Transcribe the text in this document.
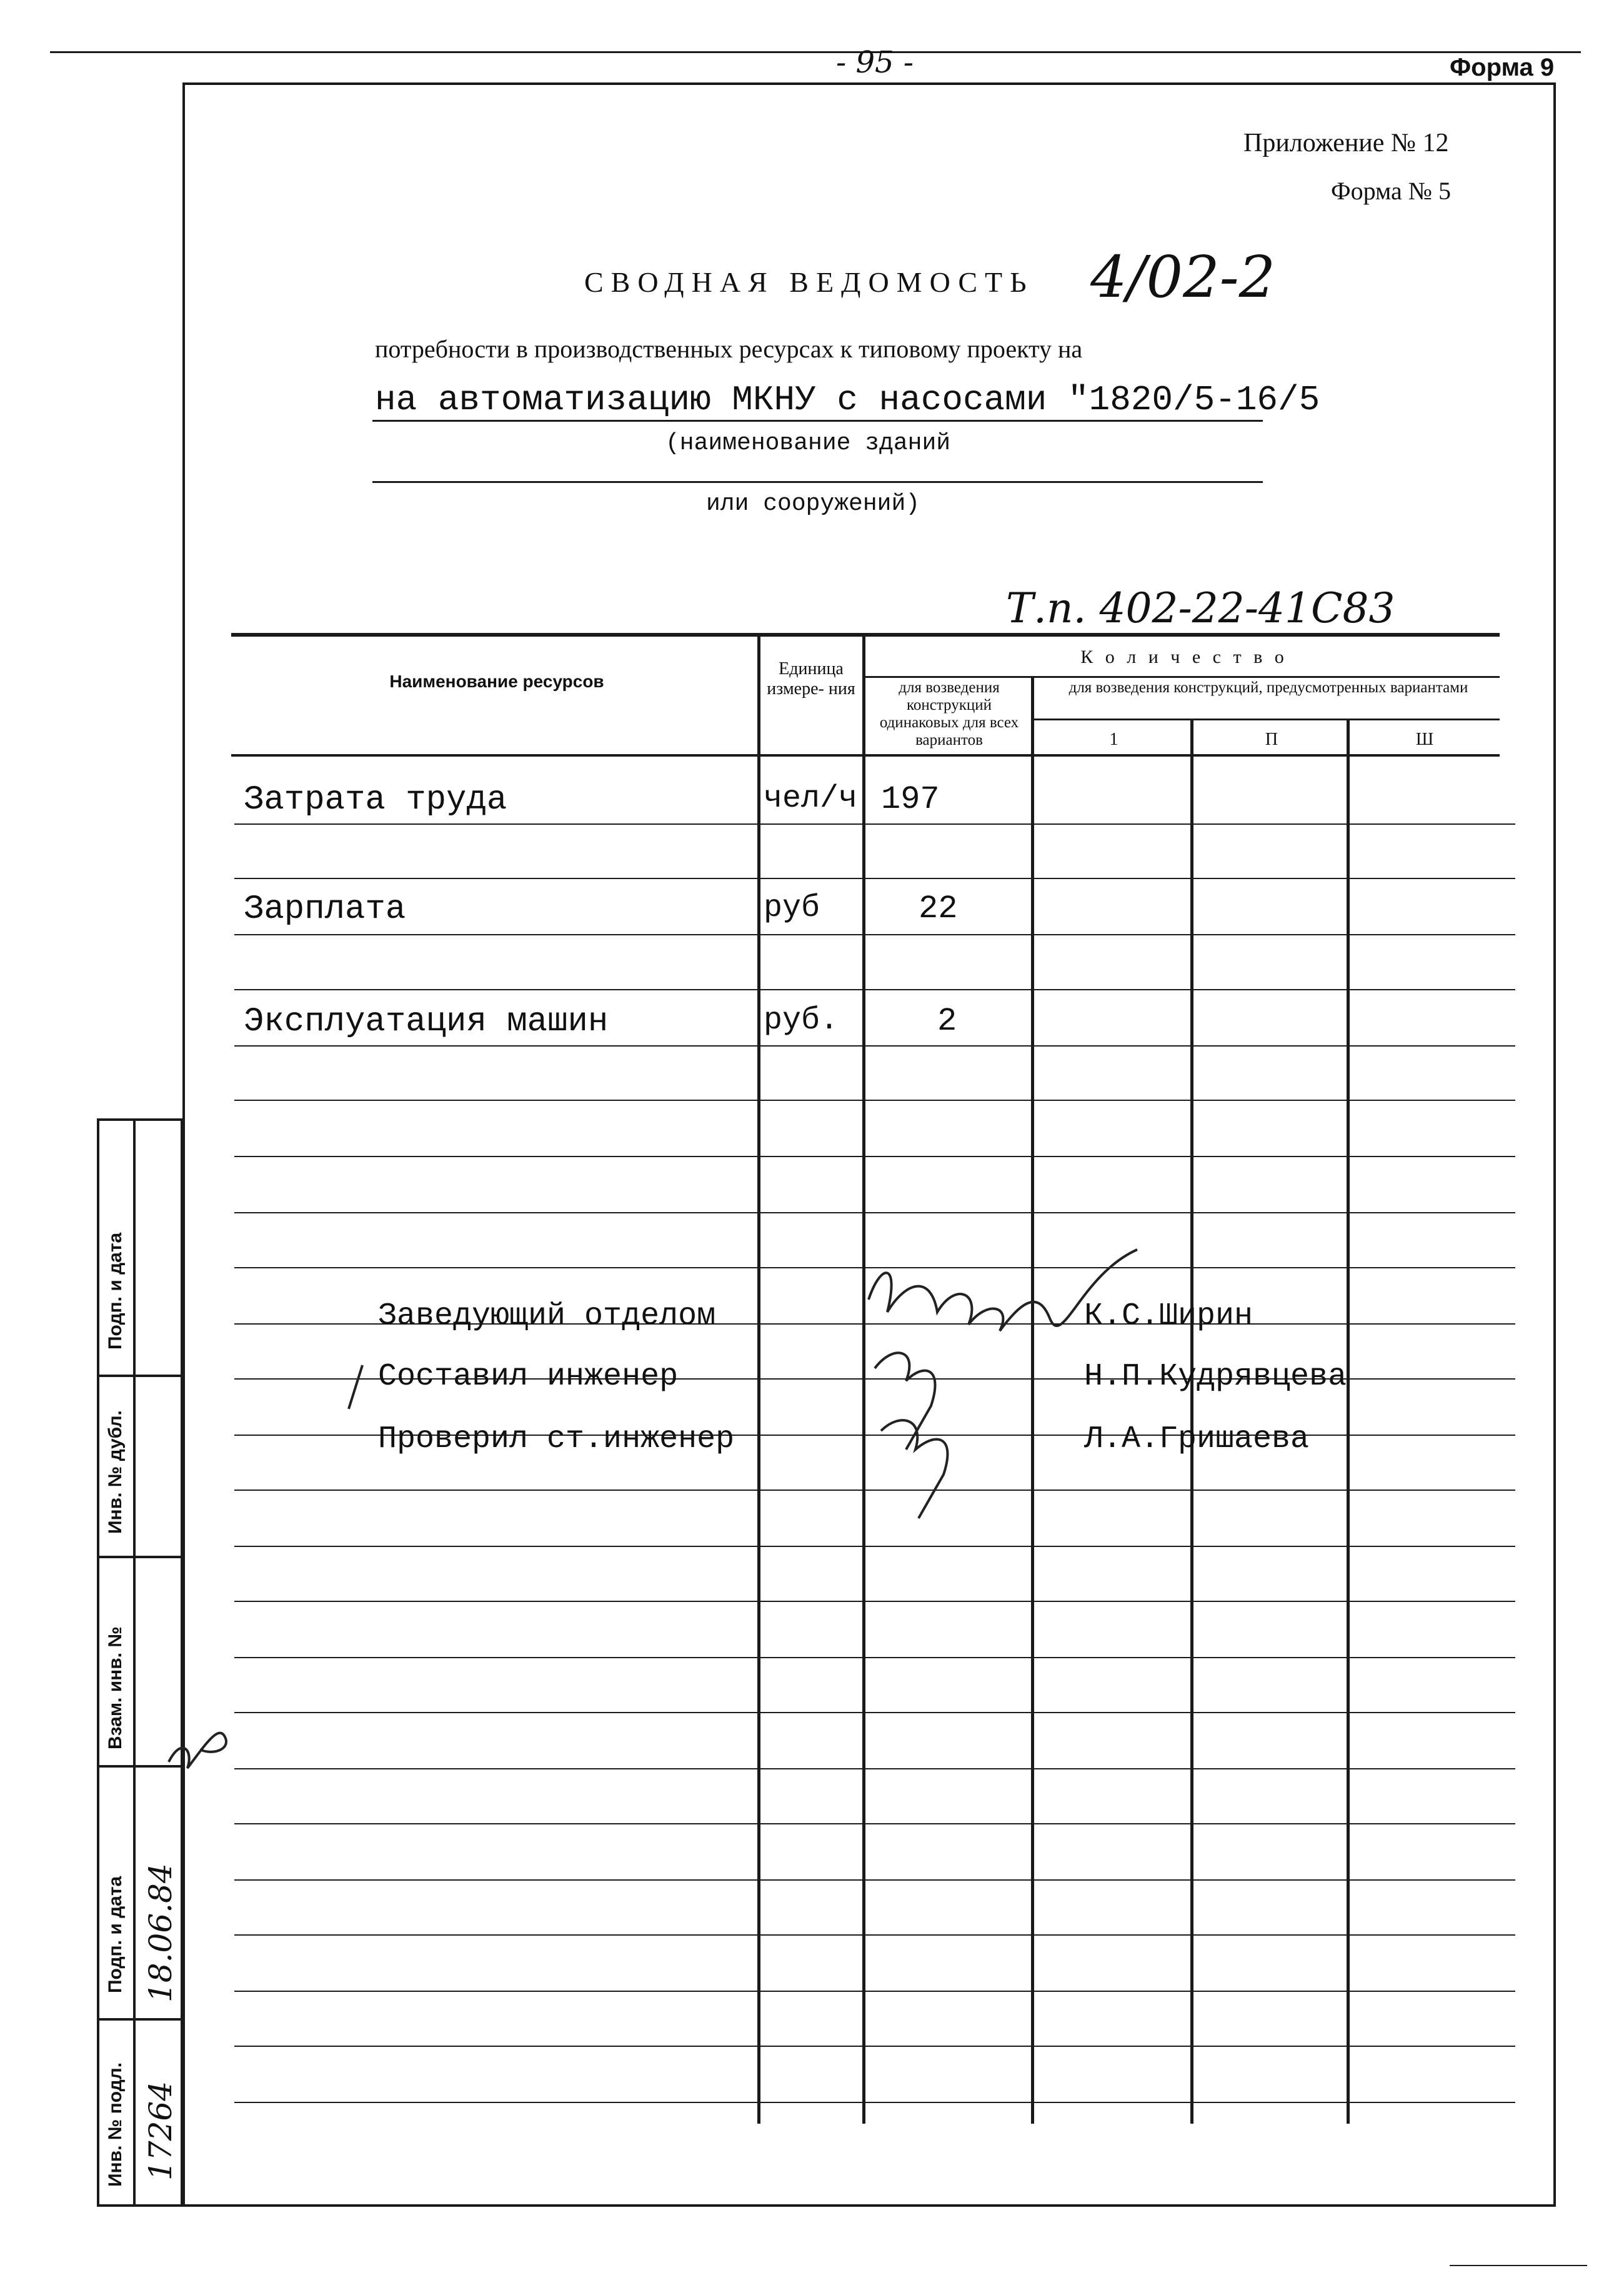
- 95 -	Форма 9
Приложение № 12
Форма № 5
СВОДНАЯ ВЕДОМОСТЬ 4/02-2
потребности в производственных ресурсах к типовому проекту на
на автоматизацию МКНУ с насосами "1820/5-16/5
(наименование зданий
или сооружений)
Т.п. 402-22-41С83
Наименование ресурсов
Единица измере- ния
К о л и ч е с т в о
для возведения конструкций одинаковых для всех вариантов
для возведения конструкций, предусмотренных вариантами
1	П	Ш
Затрата труда	чел/ч 197
Зарплата	руб	22
Эксплуатация машин	руб.	2
Заведующий отделом	К.С.Ширин
Составил инженер	Н.П.Кудрявцева
Проверил ст.инженер	Л.А.Гришаева
Подп. и дата
Инв. № дубл.
Взам. инв. №
Подп. и дата
Инв. № подл.
18.06.84
17264
